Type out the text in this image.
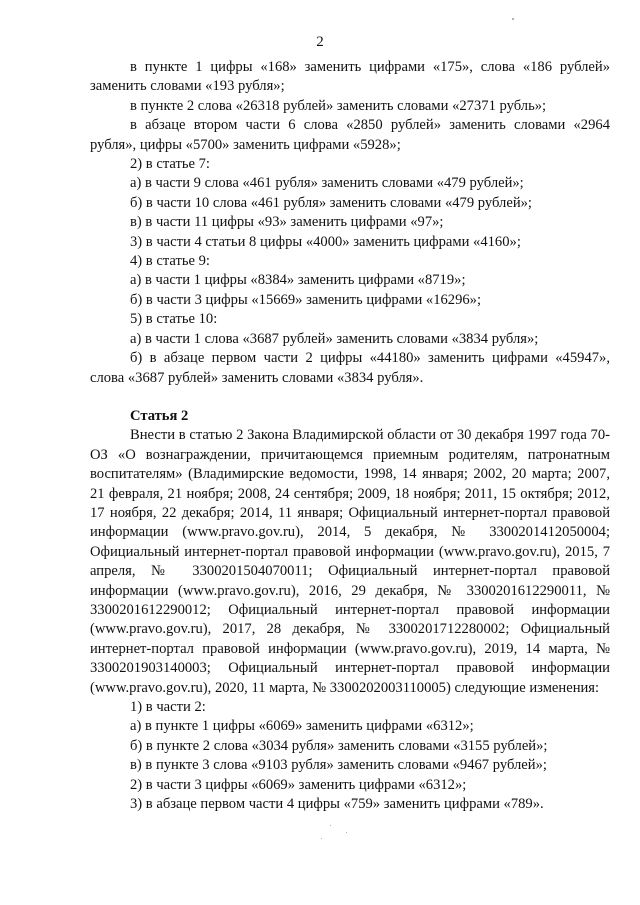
2

в пункте 1 цифры «168» заменить цифрами «175», слова «186 рублей» заменить словами «193 рубля»;

в пункте 2 слова «26318 рублей» заменить словами «27371 рубль»;

в абзаце втором части 6 слова «2850 рублей» заменить словами «2964 рубля», цифры «5700» заменить цифрами «5928»;

2) в статье 7:

а) в части 9 слова «461 рубля» заменить словами «479 рублей»;

б) в части 10 слова «461 рубля» заменить словами «479 рублей»;

в) в части 11 цифры «93» заменить цифрами «97»;

3) в части 4 статьи 8 цифры «4000» заменить цифрами «4160»;

4) в статье 9:

а) в части 1 цифры «8384» заменить цифрами «8719»;

б) в части 3 цифры «15669» заменить цифрами «16296»;

5) в статье 10:

а) в части 1 слова «3687 рублей» заменить словами «3834 рубля»;

б) в абзаце первом части 2 цифры «44180» заменить цифрами «45947», слова «3687 рублей» заменить словами «3834 рубля».

Статья 2

Внести в статью 2 Закона Владимирской области от 30 декабря 1997 года 70-ОЗ «О вознаграждении, причитающемся приемным родителям, патронатным воспитателям» (Владимирские ведомости, 1998, 14 января; 2002, 20 марта; 2007, 21 февраля, 21 ноября; 2008, 24 сентября; 2009, 18 ноября; 2011, 15 октября; 2012, 17 ноября, 22 декабря; 2014, 11 января; Официальный интернет-портал правовой информации (www.pravo.gov.ru), 2014, 5 декабря, № 3300201412050004; Официальный интернет-портал правовой информации (www.pravo.gov.ru), 2015, 7 апреля, № 3300201504070011; Официальный интернет-портал правовой информации (www.pravo.gov.ru), 2016, 29 декабря, № 3300201612290011, № 3300201612290012; Официальный интернет-портал правовой информации (www.pravo.gov.ru), 2017, 28 декабря, № 3300201712280002; Официальный интернет-портал правовой информации (www.pravo.gov.ru), 2019, 14 марта, № 3300201903140003; Официальный интернет-портал правовой информации (www.pravo.gov.ru), 2020, 11 марта, № 3300202003110005) следующие изменения:

1) в части 2:

а) в пункте 1 цифры «6069» заменить цифрами «6312»;

б) в пункте 2 слова «3034 рубля» заменить словами «3155 рублей»;

в) в пункте 3 слова «9103 рубля» заменить словами «9467 рублей»;

2) в части 3 цифры «6069» заменить цифрами «6312»;

3) в абзаце первом части 4 цифры «759» заменить цифрами «789».
